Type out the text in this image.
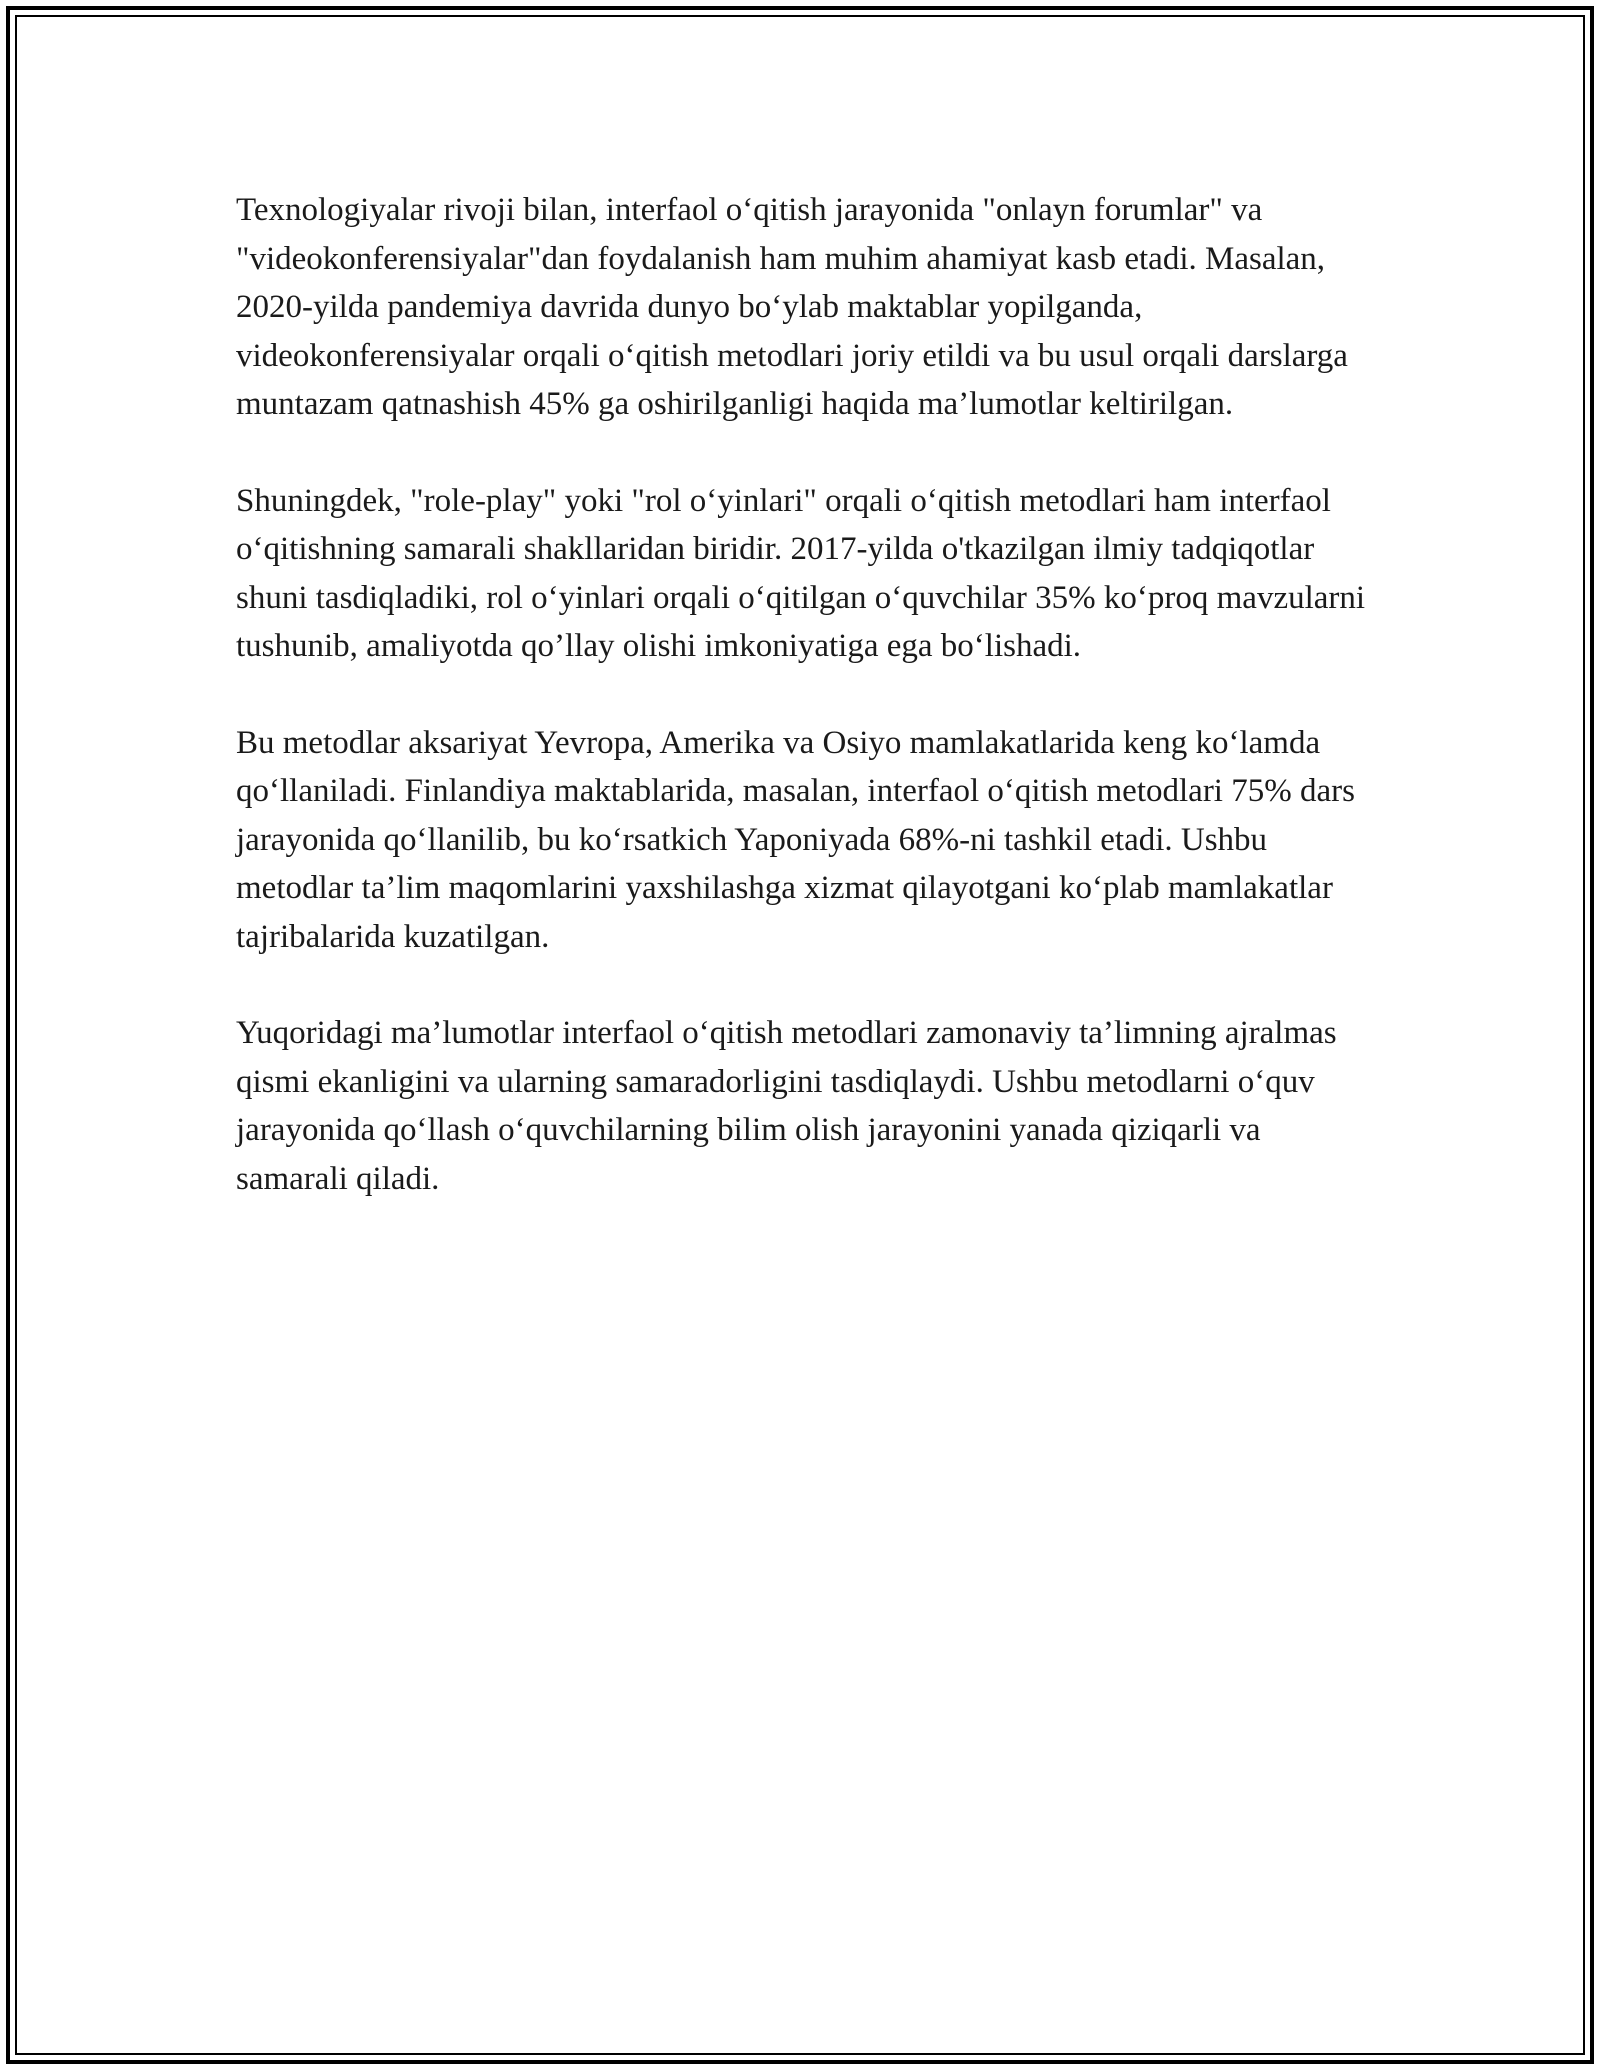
Texnologiyalar rivoji bilan, interfaol o‘qitish jarayonida "onlayn forumlar" va "videokonferensiyalar"dan foydalanish ham muhim ahamiyat kasb etadi. Masalan, 2020-yilda pandemiya davrida dunyo bo‘ylab maktablar yopilganda, videokonferensiyalar orqali o‘qitish metodlari joriy etildi va bu usul orqali darslarga muntazam qatnashish 45% ga oshirilganligi haqida ma’lumotlar keltirilgan.

Shuningdek, "role-play" yoki "rol o‘yinlari" orqali o‘qitish metodlari ham interfaol o‘qitishning samarali shakllaridan biridir. 2017-yilda o'tkazilgan ilmiy tadqiqotlar shuni tasdiqladiki, rol o‘yinlari orqali o‘qitilgan o‘quvchilar 35% ko‘proq mavzularni tushunib, amaliyotda qo’llay olishi imkoniyatiga ega bo‘lishadi.

Bu metodlar aksariyat Yevropa, Amerika va Osiyo mamlakatlarida keng ko‘lamda qo‘llaniladi. Finlandiya maktablarida, masalan, interfaol o‘qitish metodlari 75% dars jarayonida qo‘llanilib, bu ko‘rsatkich Yaponiyada 68%-ni tashkil etadi. Ushbu metodlar ta’lim maqomlarini yaxshilashga xizmat qilayotgani ko‘plab mamlakatlar tajribalarida kuzatilgan.

Yuqoridagi ma’lumotlar interfaol o‘qitish metodlari zamonaviy ta’limning ajralmas qismi ekanligini va ularning samaradorligini tasdiqlaydi. Ushbu metodlarni o‘quv jarayonida qo‘llash o‘quvchilarning bilim olish jarayonini yanada qiziqarli va samarali qiladi.
